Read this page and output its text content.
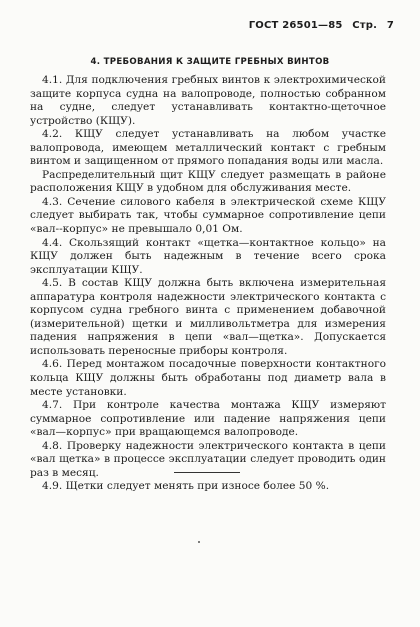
ГОСТ 26501—85 Стр. 7
4. ТРЕБОВАНИЯ К ЗАЩИТЕ ГРЕБНЫХ ВИНТОВ

4.1. Для подключения гребных винтов к электрохимической защите корпуса судна на валопроводе, полностью собранном на судне, следует устанавливать контактно-щеточное устройство (КЩУ).

4.2. КЩУ следует устанавливать на любом участке валопровода, имеющем металлический контакт с гребным винтом и защищенном от прямого попадания воды или масла.

Распределительный щит КЩУ следует размещать в районе расположения КЩУ в удобном для обслуживания месте.

4.3. Сечение силового кабеля в электрической схеме КЩУ следует выбирать так, чтобы суммарное сопротивление цепи «вал--корпус» не превышало 0,01 Ом.

4.4. Скользящий контакт «щетка—контактное кольцо» на КЩУ должен быть надежным в течение всего срока эксплуатации КЩУ.

4.5. В состав КЩУ должна быть включена измерительная аппаратура контроля надежности электрического контакта с корпусом судна гребного винта с применением добавочной (измерительной) щетки и милливольтметра для измерения падения напряжения в цепи «вал—щетка». Допускается использовать переносные приборы контроля.

4.6. Перед монтажом посадочные поверхности контактного кольца КЩУ должны быть обработаны под диаметр вала в месте установки.

4.7. При контроле качества монтажа КЩУ измеряют суммарное сопротивление или падение напряжения цепи «вал—корпус» при вращающемся валопроводе.

4.8. Проверку надежности электрического контакта в цепи «вал щетка» в процессе эксплуатации следует проводить один раз в месяц.

4.9. Щетки следует менять при износе более 50 %.
